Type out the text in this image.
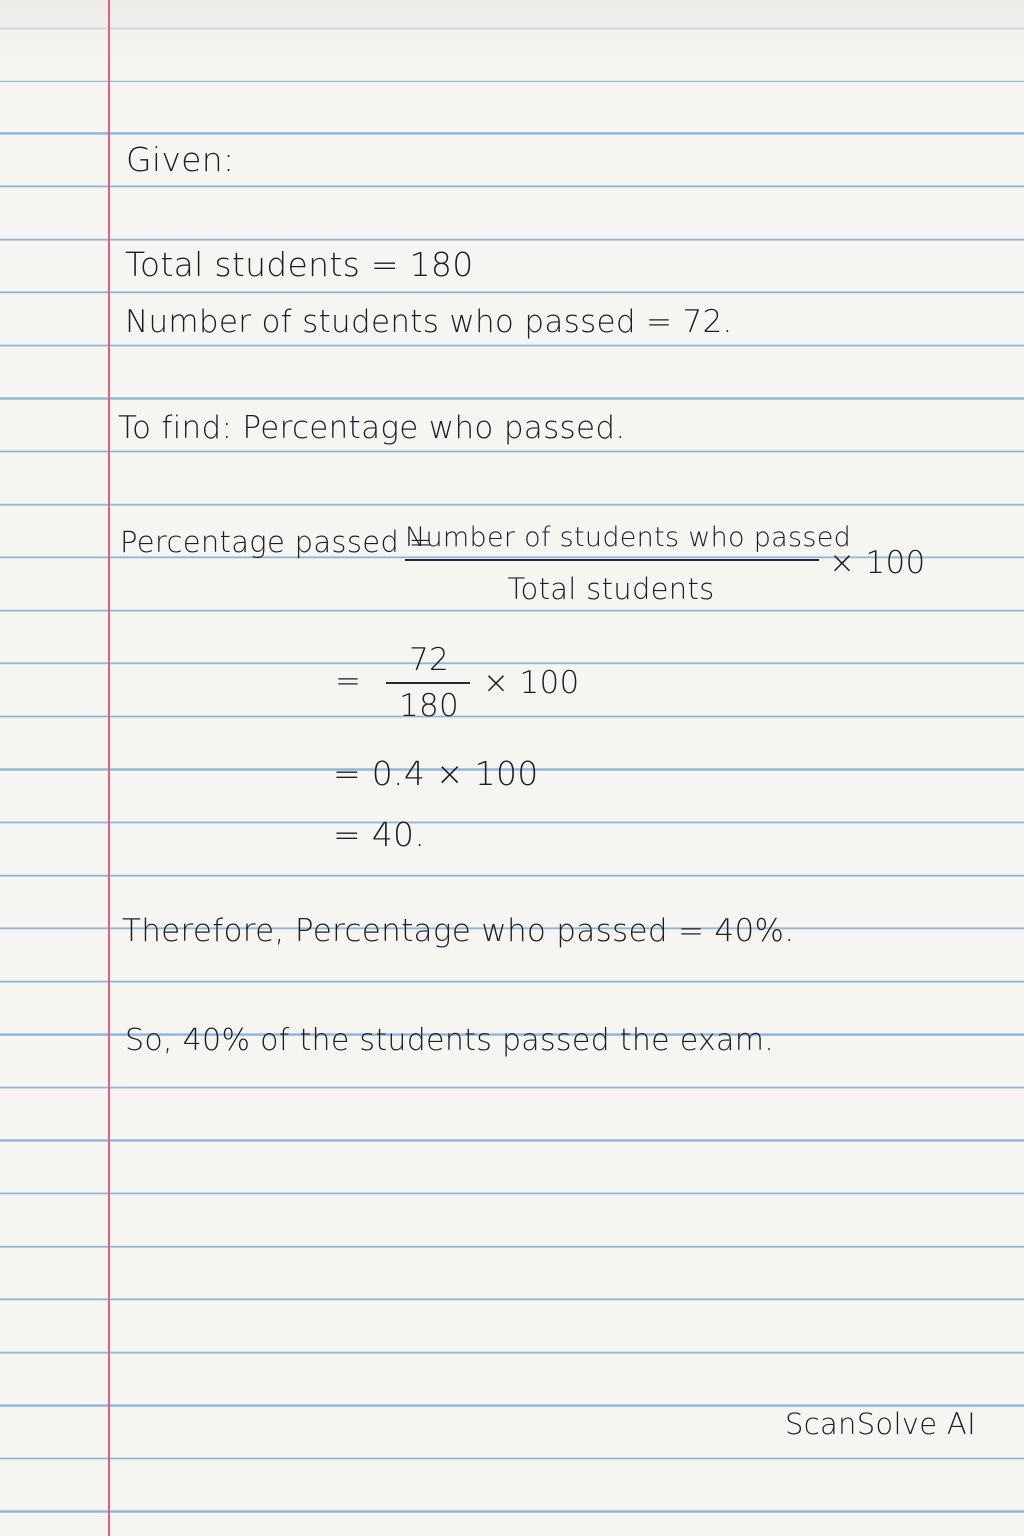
Given:
Total students = 180
Number of students who passed = 72.
To find: Percentage who passed.
Percentage passed =
Number of students who passed
Total students
× 100
=
72
180
× 100
= 0.4 × 100
= 40.
Therefore, Percentage who passed = 40%.
So, 40% of the students passed the exam.
ScanSolve AI
